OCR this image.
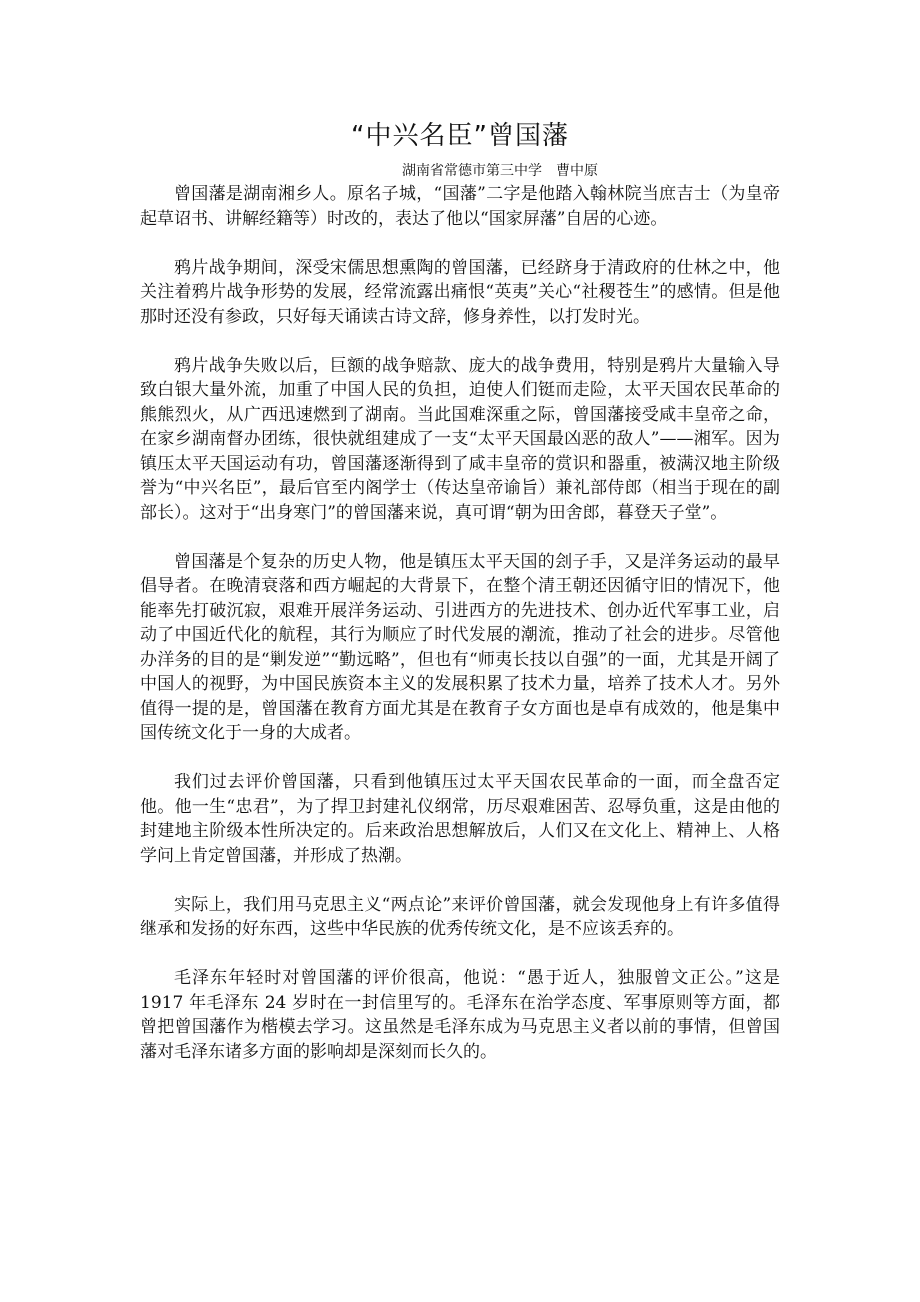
“中兴名臣”曾国藩
湖南省常德市第三中学　曹中原

曾国藩是湖南湘乡人。原名子城，“国藩”二字是他踏入翰林院当庶吉士（为皇帝起草诏书、讲解经籍等）时改的，表达了他以“国家屏藩”自居的心迹。

鸦片战争期间，深受宋儒思想熏陶的曾国藩，已经跻身于清政府的仕林之中，他关注着鸦片战争形势的发展，经常流露出痛恨“英夷”关心“社稷苍生”的感情。但是他那时还没有参政，只好每天诵读古诗文辞，修身养性，以打发时光。

鸦片战争失败以后，巨额的战争赔款、庞大的战争费用，特别是鸦片大量输入导致白银大量外流，加重了中国人民的负担，迫使人们铤而走险，太平天国农民革命的熊熊烈火，从广西迅速燃到了湖南。当此国难深重之际，曾国藩接受咸丰皇帝之命，在家乡湖南督办团练，很快就组建成了一支“太平天国最凶恶的敌人”——湘军。因为镇压太平天国运动有功，曾国藩逐渐得到了咸丰皇帝的赏识和器重，被满汉地主阶级誉为“中兴名臣”，最后官至内阁学士（传达皇帝谕旨）兼礼部侍郎（相当于现在的副部长）。这对于“出身寒门”的曾国藩来说，真可谓“朝为田舍郎，暮登天子堂”。

曾国藩是个复杂的历史人物，他是镇压太平天国的刽子手，又是洋务运动的最早倡导者。在晚清衰落和西方崛起的大背景下，在整个清王朝还因循守旧的情况下，他能率先打破沉寂，艰难开展洋务运动、引进西方的先进技术、创办近代军事工业，启动了中国近代化的航程，其行为顺应了时代发展的潮流，推动了社会的进步。尽管他办洋务的目的是“剿发逆”“勤远略”，但也有“师夷长技以自强”的一面，尤其是开阔了中国人的视野，为中国民族资本主义的发展积累了技术力量，培养了技术人才。另外值得一提的是，曾国藩在教育方面尤其是在教育子女方面也是卓有成效的，他是集中国传统文化于一身的大成者。

我们过去评价曾国藩，只看到他镇压过太平天国农民革命的一面，而全盘否定他。他一生“忠君”，为了捍卫封建礼仪纲常，历尽艰难困苦、忍辱负重，这是由他的封建地主阶级本性所决定的。后来政治思想解放后，人们又在文化上、精神上、人格学问上肯定曾国藩，并形成了热潮。

实际上，我们用马克思主义“两点论”来评价曾国藩，就会发现他身上有许多值得继承和发扬的好东西，这些中华民族的优秀传统文化，是不应该丢弃的。

毛泽东年轻时对曾国藩的评价很高，他说：“愚于近人，独服曾文正公。”这是 1917 年毛泽东 24 岁时在一封信里写的。毛泽东在治学态度、军事原则等方面，都曾把曾国藩作为楷模去学习。这虽然是毛泽东成为马克思主义者以前的事情，但曾国藩对毛泽东诸多方面的影响却是深刻而长久的。
